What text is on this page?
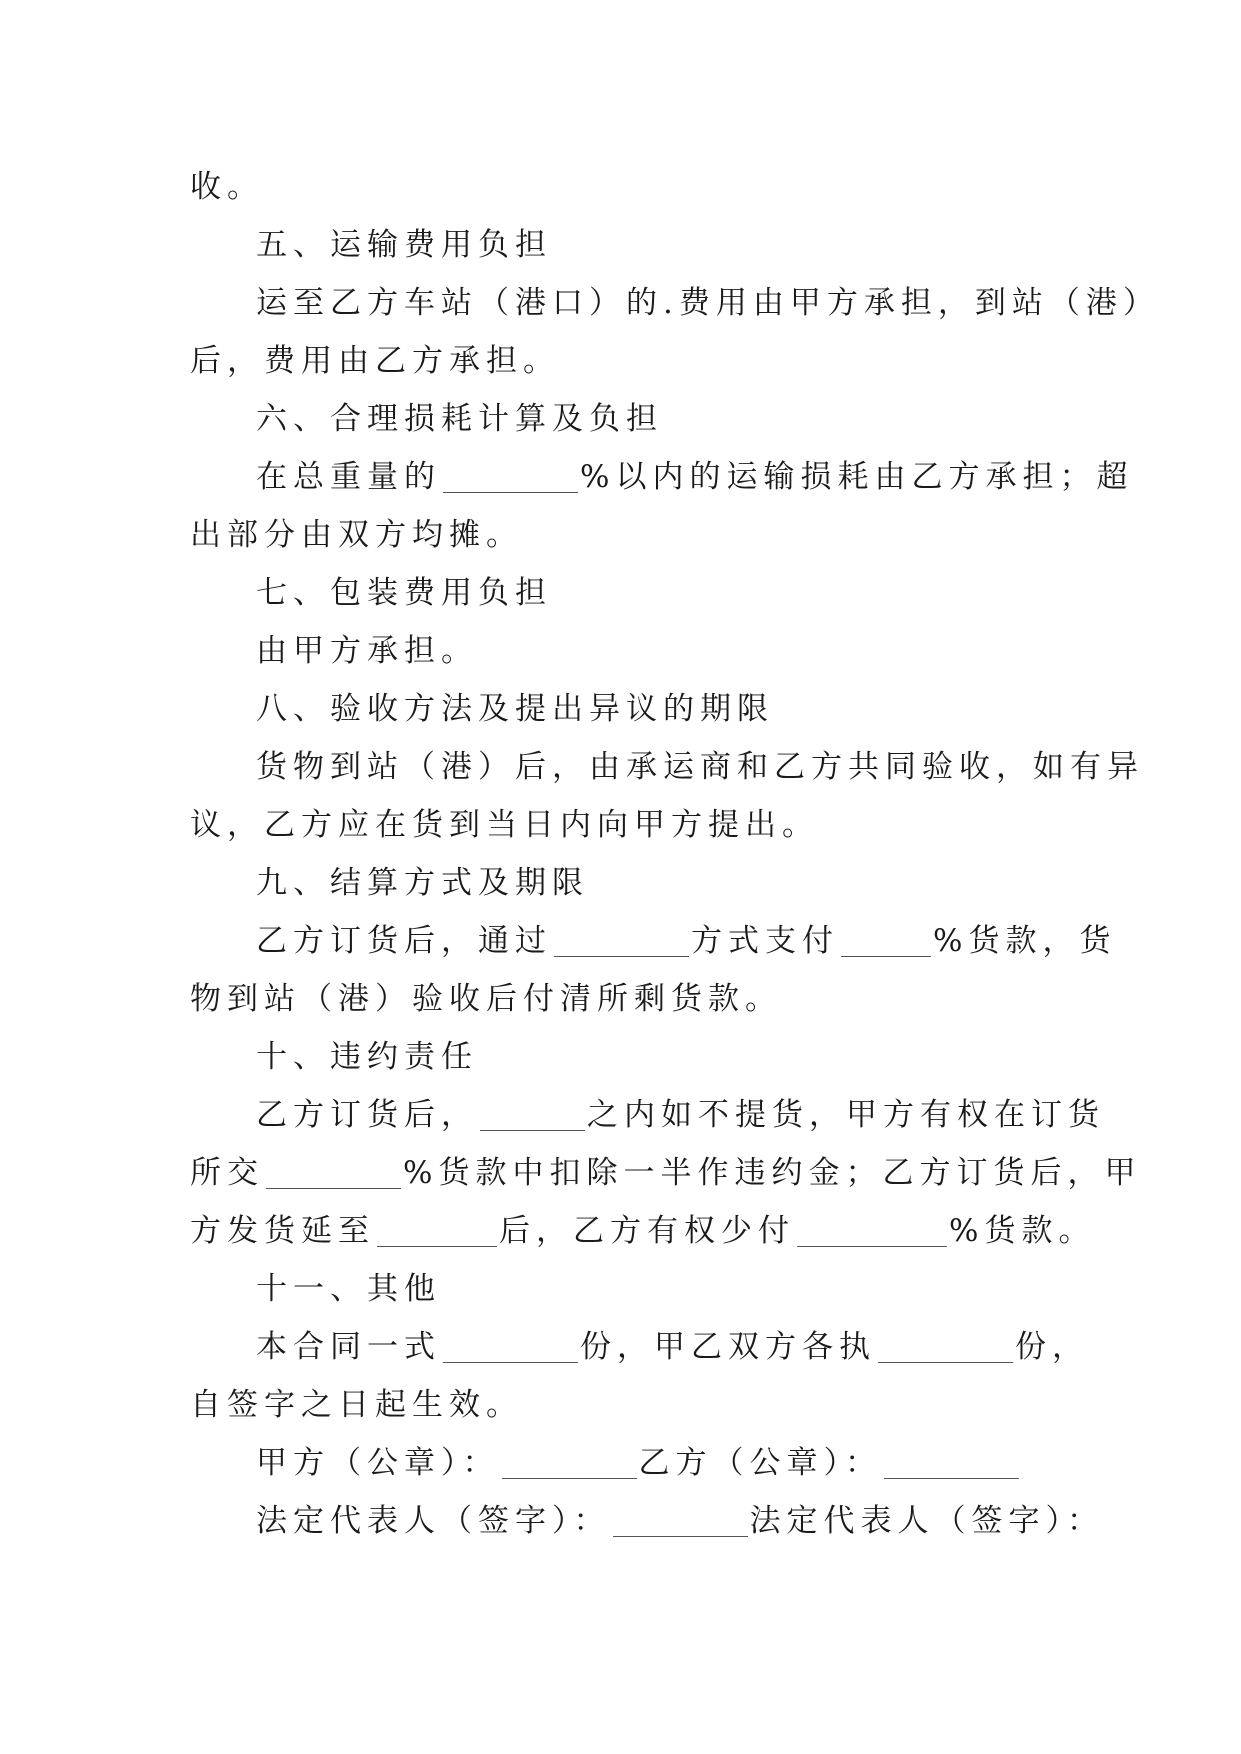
收。
五、运输费用负担
运至乙方车站（港口）的.费用由甲方承担，到站（港）
后，费用由乙方承担。
六、合理损耗计算及负担
在总重量的	%以内的运输损耗由乙方承担；超
出部分由双方均摊。
七、包装费用负担
由甲方承担。
八、验收方法及提出异议的期限
货物到站（港）后，由承运商和乙方共同验收，如有异
议，乙方应在货到当日内向甲方提出。
九、结算方式及期限
乙方订货后，通过	方式支付	%货款，货
物到站（港）验收后付清所剩货款。
十、违约责任
乙方订货后，	之内如不提货，甲方有权在订货
所交	%货款中扣除一半作违约金；乙方订货后，甲
方发货延至	后，乙方有权少付	%货款。
十一、其他
本合同一式	份，甲乙双方各执	份，
自签字之日起生效。
甲方（公章）：	乙方（公章）：
法定代表人（签字）：	法定代表人（签字）：
